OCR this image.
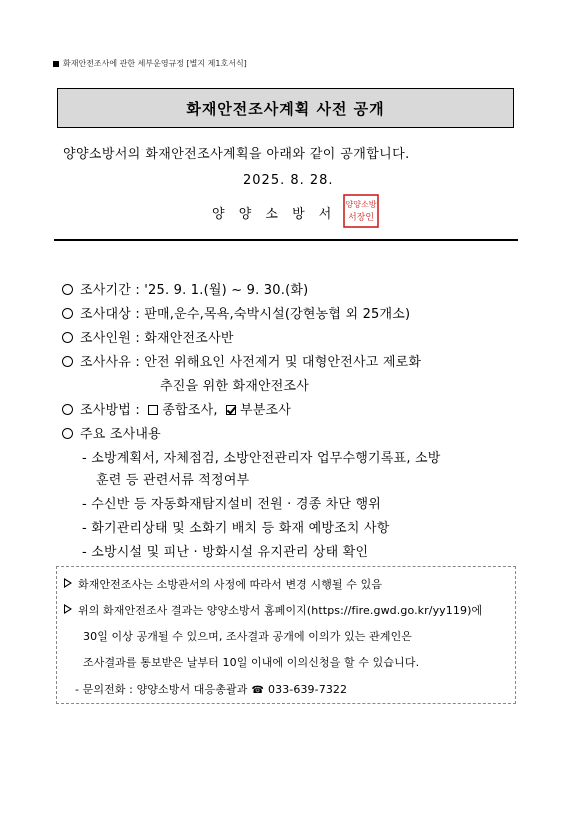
화재안전조사에 관한 세부운영규정 [별지 제1호서식]
화재안전조사계획 사전 공개
양양소방서의 화재안전조사계획을 아래와 같이 공개합니다.
2025. 8. 28.
양 양 소 방 서
양양소방
서장인
조사기간 : '25. 9. 1.(월) ~ 9. 30.(화)
조사대상 : 판매,운수,목욕,숙박시설(강현농협 외 25개소)
조사인원 : 화재안전조사반
조사사유 : 안전 위해요인 사전제거 및 대형안전사고 제로화
추진을 위한 화재안전조사
조사방법 : 종합조사, 부분조사
주요 조사내용
- 소방계획서, 자체점검, 소방안전관리자 업무수행기록표, 소방
훈련 등 관련서류 적정여부
- 수신반 등 자동화재탐지설비 전원 · 경종 차단 행위
- 화기관리상태 및 소화기 배치 등 화재 예방조치 사항
- 소방시설 및 피난 · 방화시설 유지관리 상태 확인
화재안전조사는 소방관서의 사정에 따라서 변경 시행될 수 있음
위의 화재안전조사 결과는 양양소방서 홈페이지(https://fire.gwd.go.kr/yy119)에
30일 이상 공개될 수 있으며, 조사결과 공개에 이의가 있는 관계인은
조사결과를 통보받은 날부터 10일 이내에 이의신청을 할 수 있습니다.
- 문의전화 : 양양소방서 대응총괄과 ☎ 033-639-7322
